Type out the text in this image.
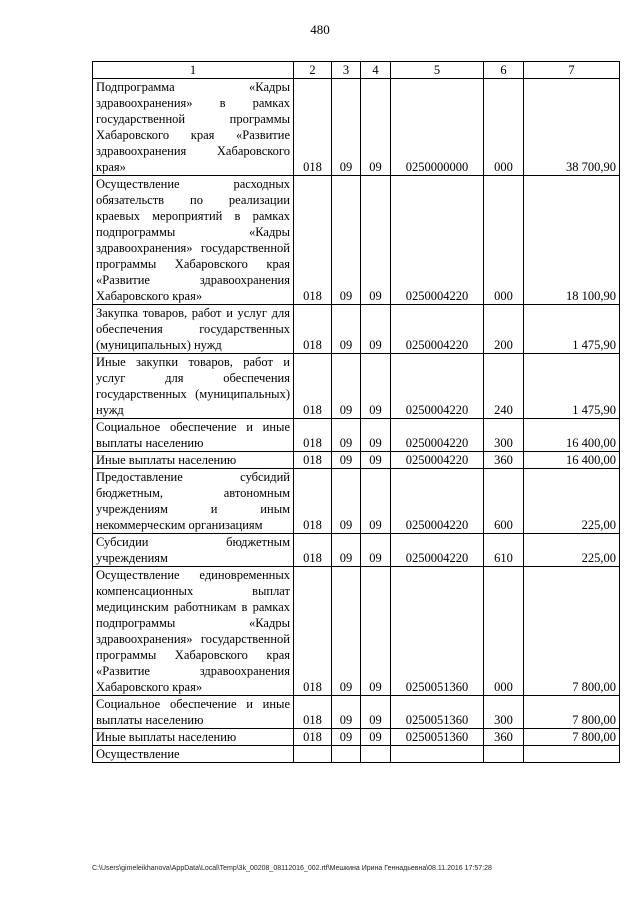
480
1	2	3	4	5	6	7
Подпрограмма «Кадры здравоохранения» в рамках государственной программы Хабаровского края «Развитие здравоохранения Хабаровского края»	018	09	09	0250000000	000	38 700,90
Осуществление расходных обязательств по реализации краевых мероприятий в рамках подпрограммы «Кадры здравоохранения» государственной программы Хабаровского края «Развитие здравоохранения Хабаровского края»	018	09	09	0250004220	000	18 100,90
Закупка товаров, работ и услуг для обеспечения государственных (муниципальных) нужд	018	09	09	0250004220	200	1 475,90
Иные закупки товаров, работ и услуг для обеспечения государственных (муниципальных) нужд	018	09	09	0250004220	240	1 475,90
Социальное обеспечение и иные выплаты населению	018	09	09	0250004220	300	16 400,00
Иные выплаты населению	018	09	09	0250004220	360	16 400,00
Предоставление субсидий бюджетным, автономным учреждениям и иным некоммерческим организациям	018	09	09	0250004220	600	225,00
Субсидии бюджетным учреждениям	018	09	09	0250004220	610	225,00
Осуществление единовременных компенсационных выплат медицинским работникам в рамках подпрограммы «Кадры здравоохранения» государственной программы Хабаровского края «Развитие здравоохранения Хабаровского края»	018	09	09	0250051360	000	7 800,00
Социальное обеспечение и иные выплаты населению	018	09	09	0250051360	300	7 800,00
Иные выплаты населению	018	09	09	0250051360	360	7 800,00
Осуществление						
C:\Users\gimeleikhanova\AppData\Local\Temp\3k_00208_08112016_002.rtf\Мешкина Ирина Геннадьевна\08.11.2016 17:57:28
